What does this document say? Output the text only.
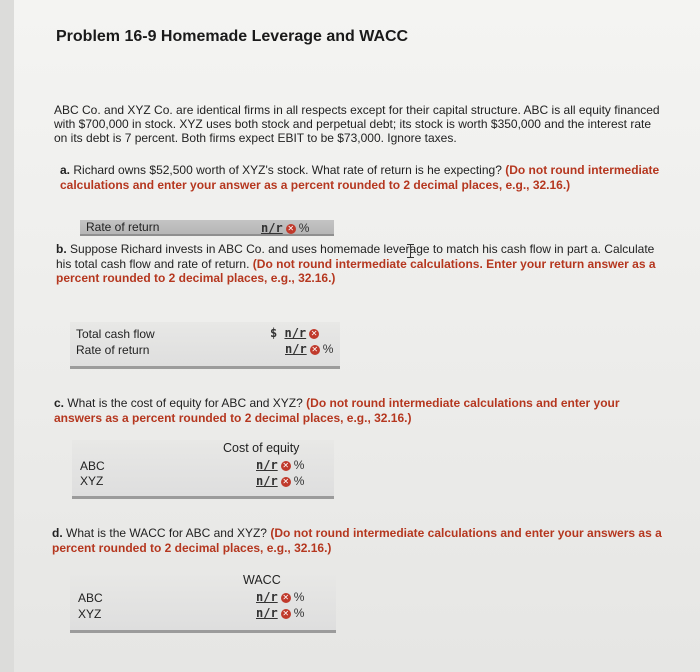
Problem 16-9 Homemade Leverage and WACC
ABC Co. and XYZ Co. are identical firms in all respects except for their capital structure. ABC is all equity financed with $700,000 in stock. XYZ uses both stock and perpetual debt; its stock is worth $350,000 and the interest rate on its debt is 7 percent. Both firms expect EBIT to be $73,000. Ignore taxes.
a. Richard owns $52,500 worth of XYZ's stock. What rate of return is he expecting? (Do not round intermediate calculations and enter your answer as a percent rounded to 2 decimal places, e.g., 32.16.)
Rate of return	n/r ✕ %
b. Suppose Richard invests in ABC Co. and uses homemade leverage to match his cash flow in part a. Calculate his total cash flow and rate of return. (Do not round intermediate calculations. Enter your return answer as a percent rounded to 2 decimal places, e.g., 32.16.)
Total cash flow
Rate of return
$ n/r ✕
n/r ✕ %
c. What is the cost of equity for ABC and XYZ? (Do not round intermediate calculations and enter your answers as a percent rounded to 2 decimal places, e.g., 32.16.)
Cost of equity
ABC
XYZ
n/r ✕ %
n/r ✕ %
d. What is the WACC for ABC and XYZ? (Do not round intermediate calculations and enter your answers as a percent rounded to 2 decimal places, e.g., 32.16.)
WACC
ABC
XYZ
n/r ✕ %
n/r ✕ %
